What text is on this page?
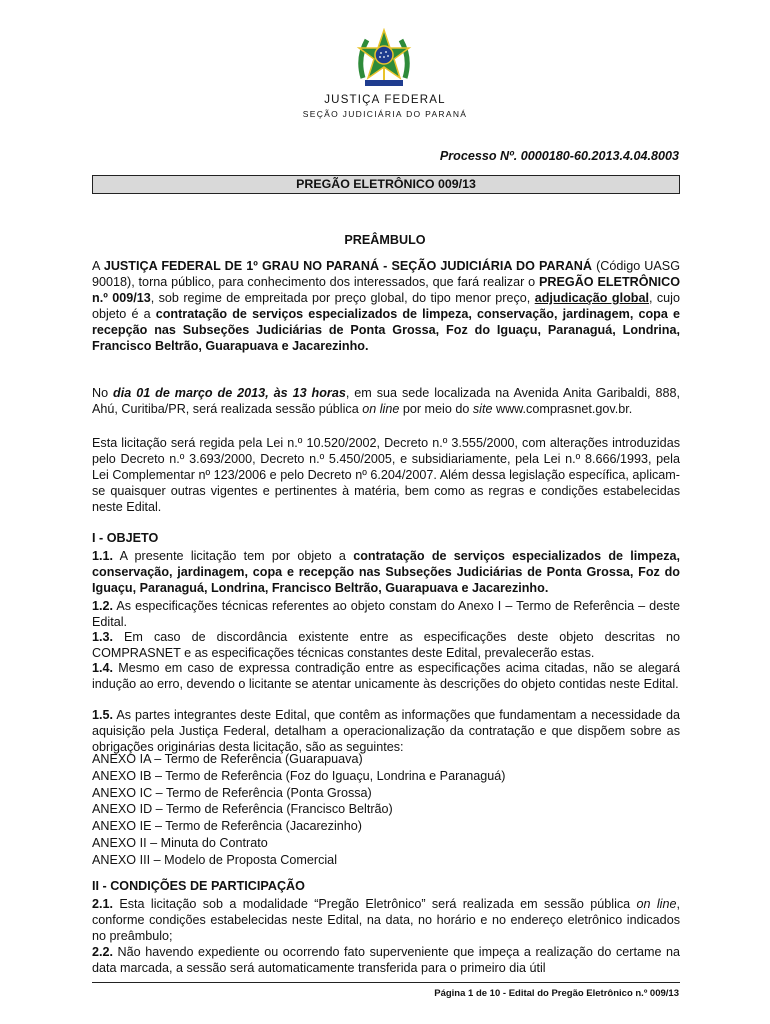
JUSTIÇA FEDERAL
SEÇÃO JUDICIÁRIA DO PARANÁ
Processo Nº. 0000180-60.2013.4.04.8003
PREGÃO ELETRÔNICO 009/13
PREÂMBULO

A JUSTIÇA FEDERAL DE 1º GRAU NO PARANÁ - SEÇÃO JUDICIÁRIA DO PARANÁ (Código UASG 90018), torna público, para conhecimento dos interessados, que fará realizar o PREGÃO ELETRÔNICO n.º 009/13, sob regime de empreitada por preço global, do tipo menor preço, adjudicação global, cujo objeto é a contratação de serviços especializados de limpeza, conservação, jardinagem, copa e recepção nas Subseções Judiciárias de Ponta Grossa, Foz do Iguaçu, Paranaguá, Londrina, Francisco Beltrão, Guarapuava e Jacarezinho.

No dia 01 de março de 2013, às 13 horas, em sua sede localizada na Avenida Anita Garibaldi, 888, Ahú, Curitiba/PR, será realizada sessão pública on line por meio do site www.comprasnet.gov.br.

Esta licitação será regida pela Lei n.º 10.520/2002, Decreto n.º 3.555/2000, com alterações introduzidas pelo Decreto n.º 3.693/2000, Decreto n.º 5.450/2005, e subsidiariamente, pela Lei n.º 8.666/1993, pela Lei Complementar nº 123/2006 e pelo Decreto nº 6.204/2007. Além dessa legislação específica, aplicam-se quaisquer outras vigentes e pertinentes à matéria, bem como as regras e condições estabelecidas neste Edital.

I - OBJETO

1.1. A presente licitação tem por objeto a contratação de serviços especializados de limpeza, conservação, jardinagem, copa e recepção nas Subseções Judiciárias de Ponta Grossa, Foz do Iguaçu, Paranaguá, Londrina, Francisco Beltrão, Guarapuava e Jacarezinho.

1.2. As especificações técnicas referentes ao objeto constam do Anexo I – Termo de Referência – deste Edital.

1.3. Em caso de discordância existente entre as especificações deste objeto descritas no COMPRASNET e as especificações técnicas constantes deste Edital, prevalecerão estas.

1.4. Mesmo em caso de expressa contradição entre as especificações acima citadas, não se alegará indução ao erro, devendo o licitante se atentar unicamente às descrições do objeto contidas neste Edital.

1.5. As partes integrantes deste Edital, que contêm as informações que fundamentam a necessidade da aquisição pela Justiça Federal, detalham a operacionalização da contratação e que dispõem sobre as obrigações originárias desta licitação, são as seguintes:

ANEXO IA – Termo de Referência (Guarapuava)
ANEXO IB – Termo de Referência (Foz do Iguaçu, Londrina e Paranaguá)
ANEXO IC – Termo de Referência (Ponta Grossa)
ANEXO ID – Termo de Referência (Francisco Beltrão)
ANEXO IE – Termo de Referência (Jacarezinho)
ANEXO II – Minuta do Contrato
ANEXO III – Modelo de Proposta Comercial
II - CONDIÇÕES DE PARTICIPAÇÃO

2.1. Esta licitação sob a modalidade “Pregão Eletrônico” será realizada em sessão pública on line, conforme condições estabelecidas neste Edital, na data, no horário e no endereço eletrônico indicados no preâmbulo;

2.2. Não havendo expediente ou ocorrendo fato superveniente que impeça a realização do certame na data marcada, a sessão será automaticamente transferida para o primeiro dia útil

Página 1 de 10 - Edital do Pregão Eletrônico n.º 009/13
